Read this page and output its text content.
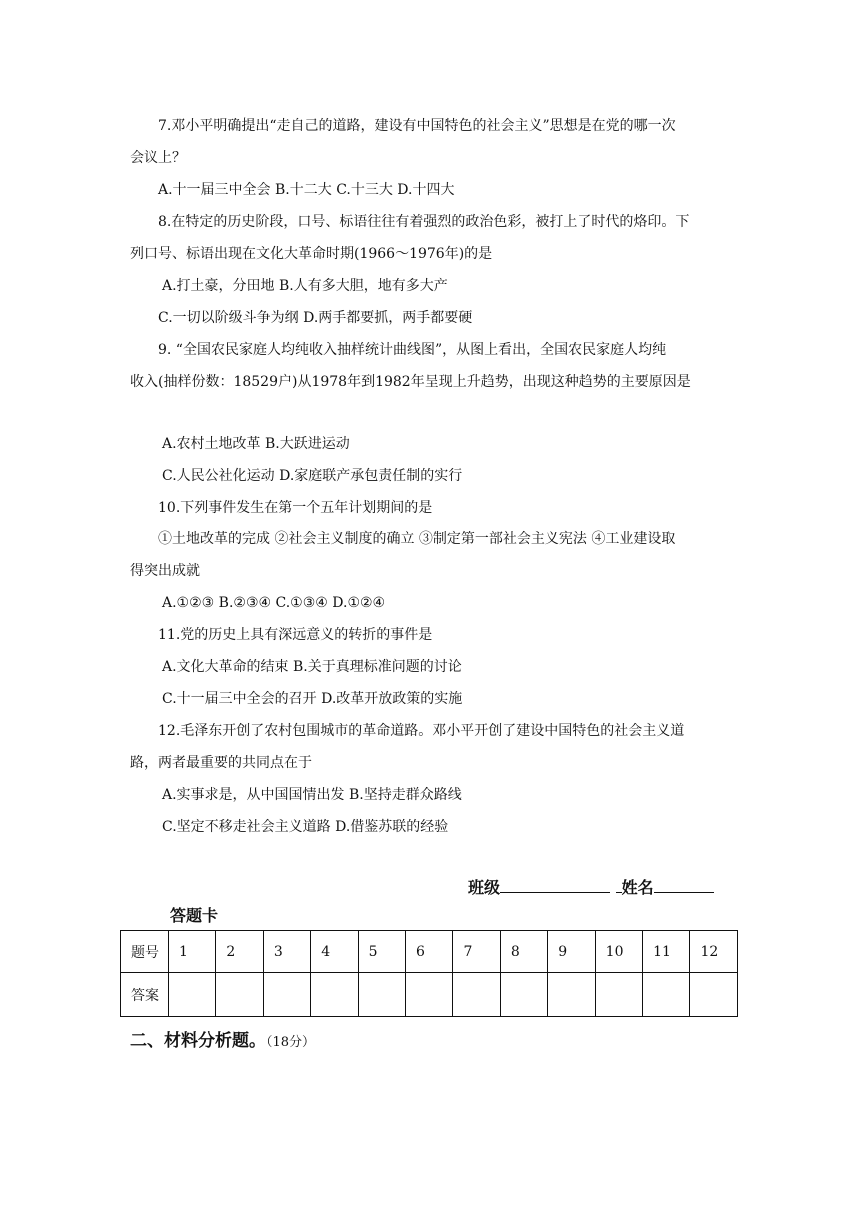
7.邓小平明确提出“走自己的道路，建设有中国特色的社会主义”思想是在党的哪一次
会议上？
A.十一届三中全会 B.十二大 C.十三大 D.十四大
8.在特定的历史阶段，口号、标语往往有着强烈的政治色彩，被打上了时代的烙印。下
列口号、标语出现在文化大革命时期(1966～1976年)的是
A.打土豪，分田地 B.人有多大胆，地有多大产
C.一切以阶级斗争为纲 D.两手都要抓，两手都要硬
9. “全国农民家庭人均纯收入抽样统计曲线图”，从图上看出，全国农民家庭人均纯
收入(抽样份数：18529户)从1978年到1982年呈现上升趋势，出现这种趋势的主要原因是
A.农村土地改革 B.大跃进运动
C.人民公社化运动 D.家庭联产承包责任制的实行
10.下列事件发生在第一个五年计划期间的是
①土地改革的完成 ②社会主义制度的确立 ③制定第一部社会主义宪法 ④工业建设取
得突出成就
A.①②③ B.②③④ C.①③④ D.①②④
11.党的历史上具有深远意义的转折的事件是
A.文化大革命的结束 B.关于真理标准问题的讨论
C.十一届三中全会的召开 D.改革开放政策的实施
12.毛泽东开创了农村包围城市的革命道路。邓小平开创了建设中国特色的社会主义道
路，两者最重要的共同点在于
A.实事求是，从中国国情出发 B.坚持走群众路线
C.坚定不移走社会主义道路 D.借鉴苏联的经验
班级	姓名
答题卡
题号	1	2	3	4	5	6	7	8	9	10	11	12
答案												
二、材料分析题。（18分）
